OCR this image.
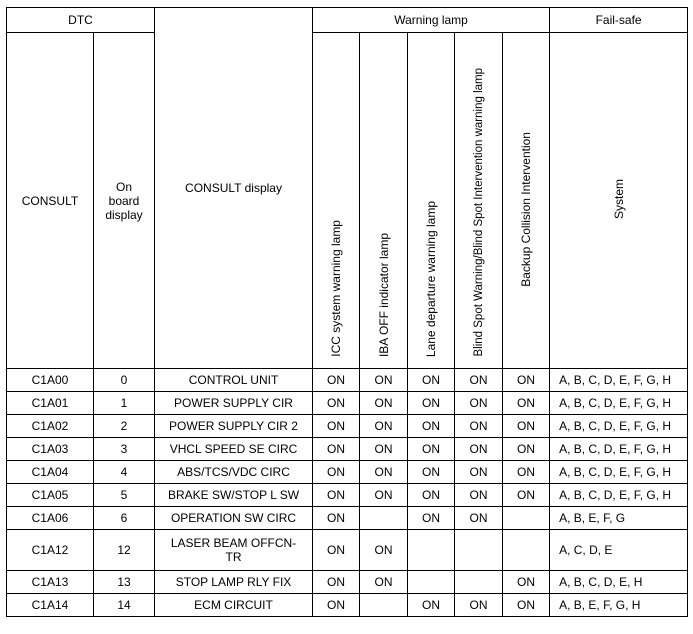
DTC		CONSULT display	Warning lamp					Fail-safe
CONSULT	On
board
display		ICC system warning lamp	IBA OFF indicator lamp	Lane departure warning lamp	Blind Spot Warning/Blind Spot Intervention warning lamp	Backup Collision Intervention	System
C1A00	0	CONTROL UNIT	ON	ON	ON	ON	ON	A, B, C, D, E, F, G, H
C1A01	1	POWER SUPPLY CIR	ON	ON	ON	ON	ON	A, B, C, D, E, F, G, H
C1A02	2	POWER SUPPLY CIR 2	ON	ON	ON	ON	ON	A, B, C, D, E, F, G, H
C1A03	3	VHCL SPEED SE CIRC	ON	ON	ON	ON	ON	A, B, C, D, E, F, G, H
C1A04	4	ABS/TCS/VDC CIRC	ON	ON	ON	ON	ON	A, B, C, D, E, F, G, H
C1A05	5	BRAKE SW/STOP L SW	ON	ON	ON	ON	ON	A, B, C, D, E, F, G, H
C1A06	6	OPERATION SW CIRC	ON		ON	ON		A, B, E, F, G
C1A12	12	LASER BEAM OFFCN-
TR	ON	ON				A, C, D, E
C1A13	13	STOP LAMP RLY FIX	ON	ON			ON	A, B, C, D, E, H
C1A14	14	ECM CIRCUIT	ON		ON	ON	ON	A, B, E, F, G, H
